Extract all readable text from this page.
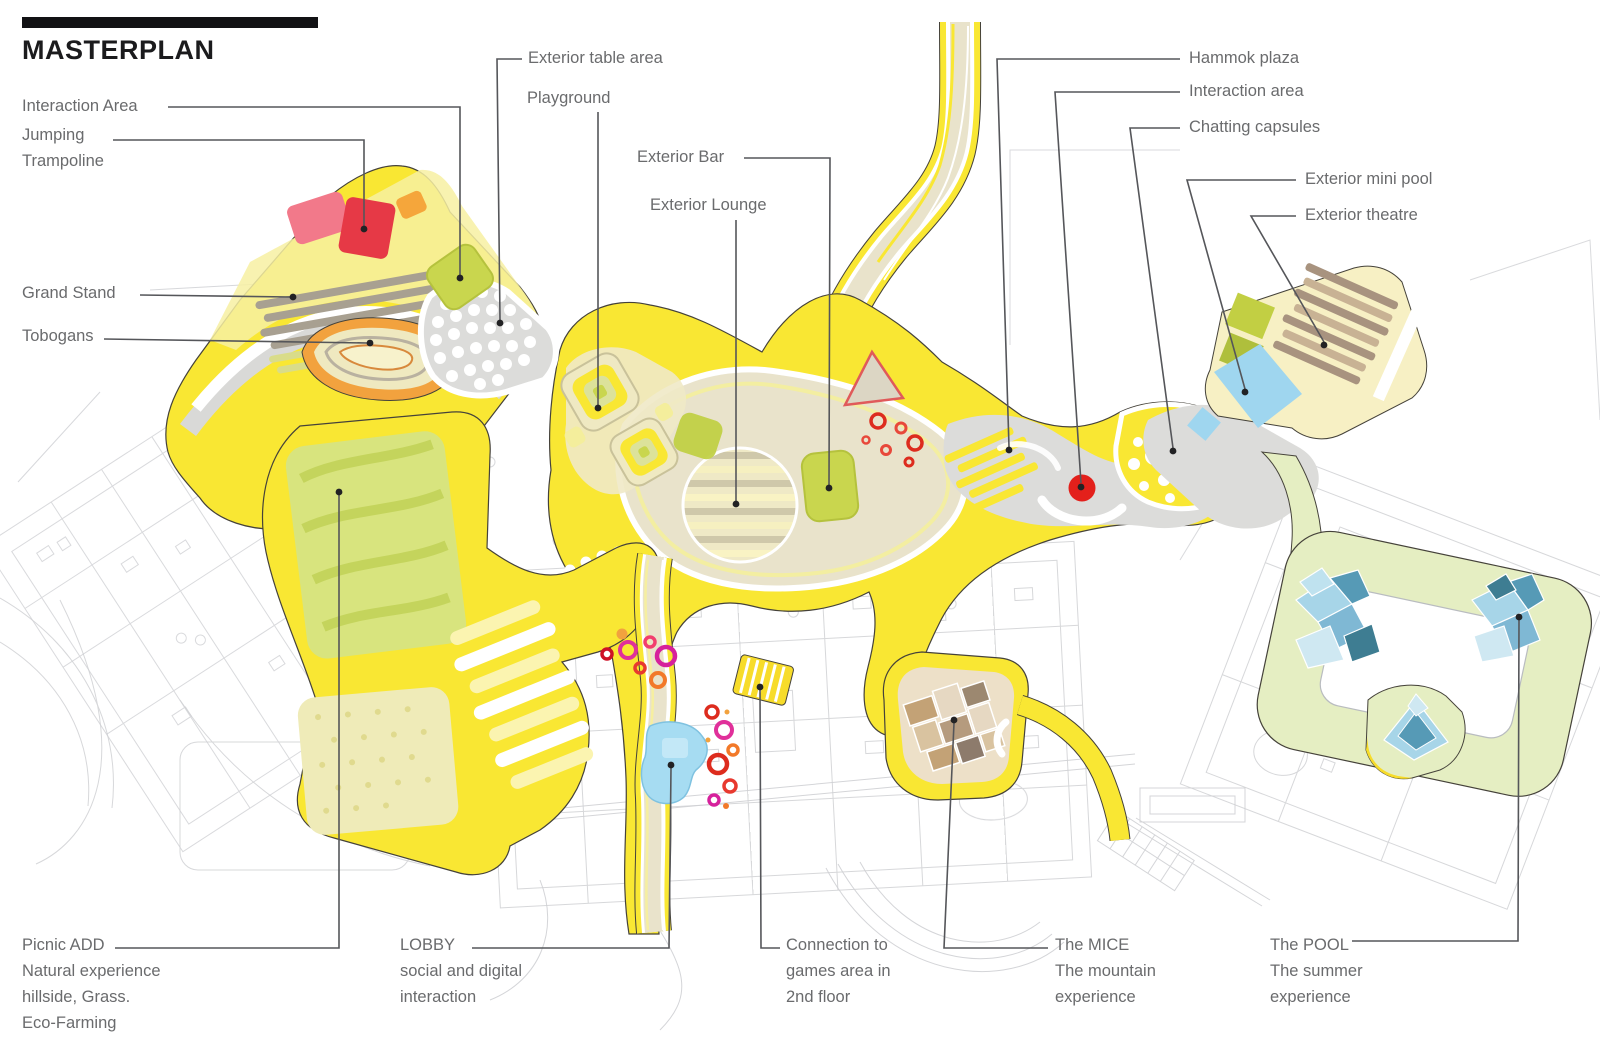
MASTERPLAN
Interaction Area
Jumping
Trampoline
Grand Stand
Tobogans
Exterior table area
Playground
Exterior Bar
Exterior Lounge
Hammok plaza
Interaction area
Chatting capsules
Exterior mini pool
Exterior theatre
Picnic ADD
Natural experience
hillside, Grass.
Eco-Farming
LOBBY
social and digital
interaction
Connection to
games area in
2nd floor
The MICE
The mountain
experience
The POOL
The summer
experience
